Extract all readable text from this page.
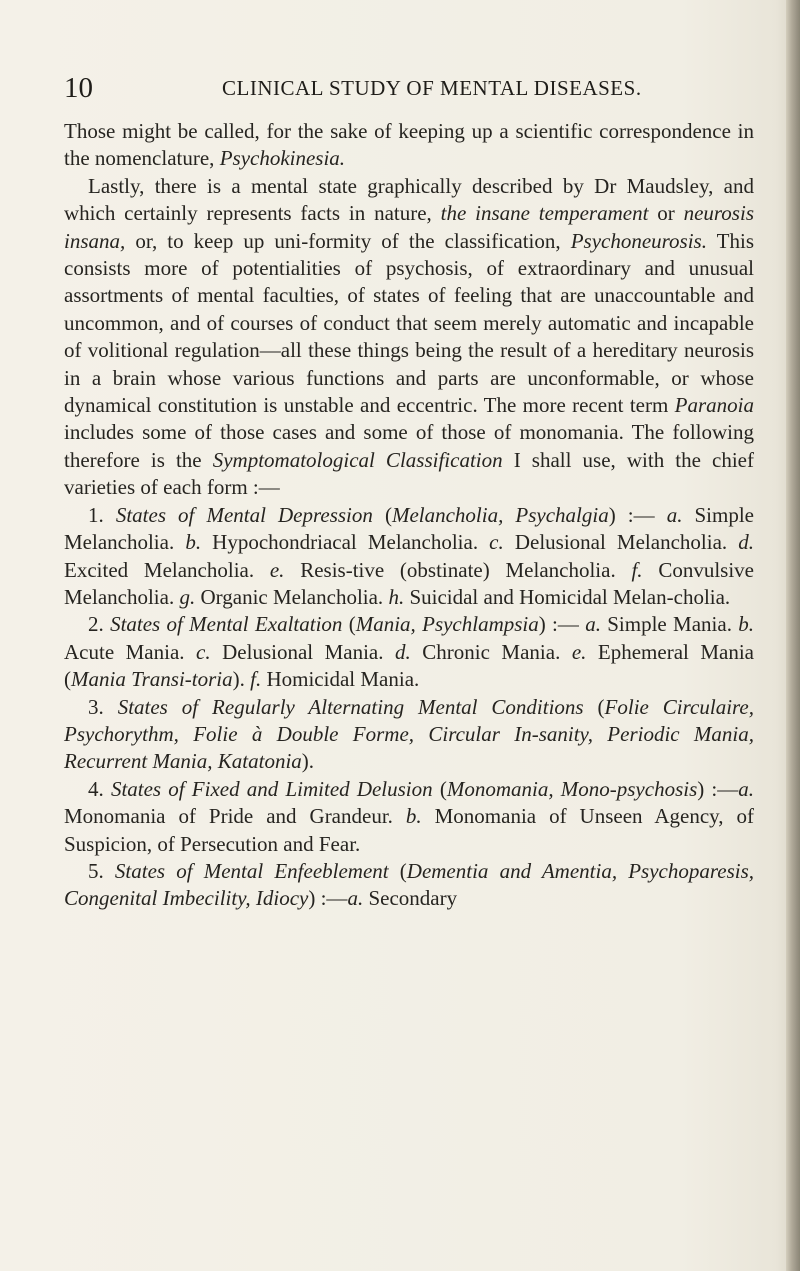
10	CLINICAL STUDY OF MENTAL DISEASES.

Those might be called, for the sake of keeping up a scientific correspondence in the nomenclature, Psychokinesia.

Lastly, there is a mental state graphically described by Dr Maudsley, and which certainly represents facts in nature, the insane temperament or neurosis insana, or, to keep up uni-formity of the classification, Psychoneurosis. This consists more of potentialities of psychosis, of extraordinary and unusual assortments of mental faculties, of states of feeling that are unaccountable and uncommon, and of courses of conduct that seem merely automatic and incapable of volitional regulation—all these things being the result of a hereditary neurosis in a brain whose various functions and parts are unconformable, or whose dynamical constitution is unstable and eccentric. The more recent term Paranoia includes some of those cases and some of those of monomania. The following therefore is the Symptomatological Classification I shall use, with the chief varieties of each form :—

1. States of Mental Depression (Melancholia, Psychalgia) :— a. Simple Melancholia. b. Hypochondriacal Melancholia. c. Delusional Melancholia. d. Excited Melancholia. e. Resis-tive (obstinate) Melancholia. f. Convulsive Melancholia. g. Organic Melancholia. h. Suicidal and Homicidal Melan-cholia.

2. States of Mental Exaltation (Mania, Psychlampsia) :— a. Simple Mania. b. Acute Mania. c. Delusional Mania. d. Chronic Mania. e. Ephemeral Mania (Mania Transi-toria). f. Homicidal Mania.

3. States of Regularly Alternating Mental Conditions (Folie Circulaire, Psychorythm, Folie à Double Forme, Circular In-sanity, Periodic Mania, Recurrent Mania, Katatonia).

4. States of Fixed and Limited Delusion (Monomania, Mono-psychosis) :—a. Monomania of Pride and Grandeur. b. Monomania of Unseen Agency, of Suspicion, of Persecution and Fear.

5. States of Mental Enfeeblement (Dementia and Amentia, Psychoparesis, Congenital Imbecility, Idiocy) :—a. Secondary
